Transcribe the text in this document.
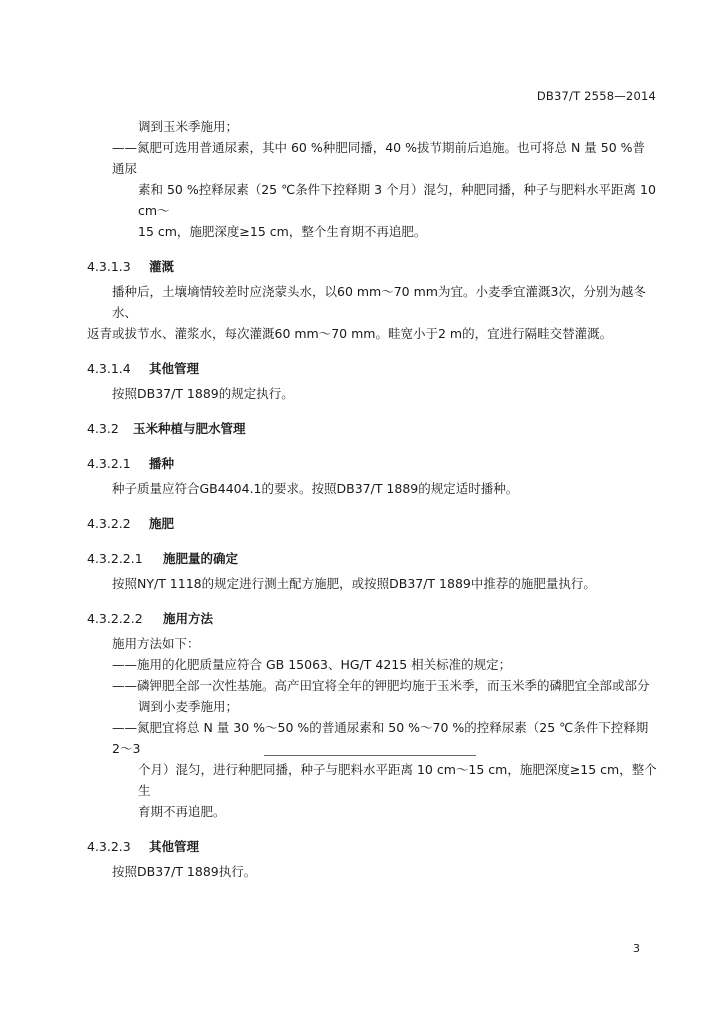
DB37/T 2558—2014

调到玉米季施用；

——氮肥可选用普通尿素，其中 60 %种肥同播，40 %拔节期前后追施。也可将总 N 量 50 %普通尿

素和 50 %控释尿素（25 ℃条件下控释期 3 个月）混匀，种肥同播，种子与肥料水平距离 10 cm～

15 cm，施肥深度≥15 cm，整个生育期不再追肥。

4.3.1.3 灌溉

播种后，土壤墒情较差时应浇蒙头水，以60 mm～70 mm为宜。小麦季宜灌溉3次，分别为越冬水、

返青或拔节水、灌浆水，每次灌溉60 mm～70 mm。畦宽小于2 m的，宜进行隔畦交替灌溉。

4.3.1.4 其他管理

按照DB37/T 1889的规定执行。

4.3.2 玉米种植与肥水管理
4.3.2.1 播种

种子质量应符合GB4404.1的要求。按照DB37/T 1889的规定适时播种。

4.3.2.2 施肥
4.3.2.2.1 施肥量的确定

按照NY/T 1118的规定进行测土配方施肥，或按照DB37/T 1889中推荐的施肥量执行。

4.3.2.2.2 施用方法

施用方法如下：

——施用的化肥质量应符合 GB 15063、HG/T 4215 相关标准的规定；

——磷钾肥全部一次性基施。高产田宜将全年的钾肥均施于玉米季，而玉米季的磷肥宜全部或部分

调到小麦季施用；

——氮肥宜将总 N 量 30 %～50 %的普通尿素和 50 %～70 %的控释尿素（25 ℃条件下控释期 2～3

个月）混匀，进行种肥同播，种子与肥料水平距离 10 cm～15 cm，施肥深度≥15 cm，整个生

育期不再追肥。

4.3.2.3 其他管理

按照DB37/T 1889执行。

3
